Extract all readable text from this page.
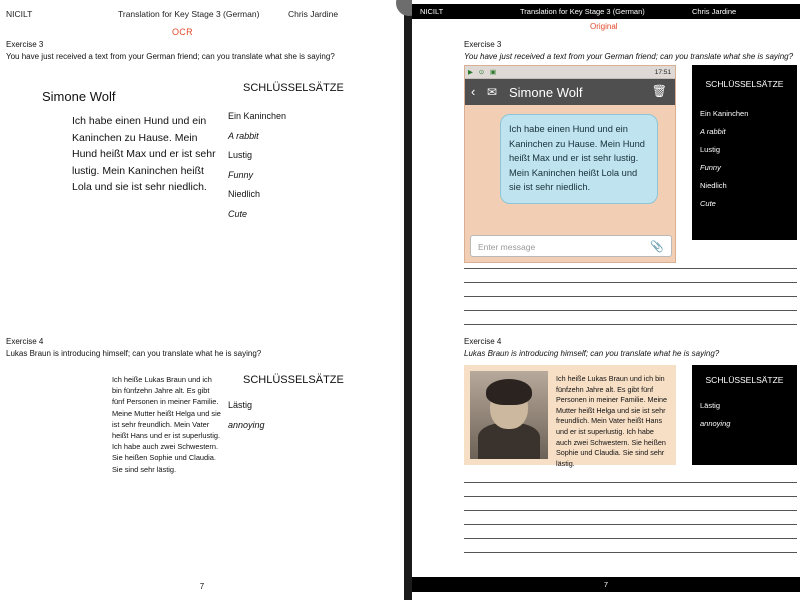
NICILT	Translation for Key Stage 3 (German)	Chris Jardine
OCR
Exercise 3
You have just received a text from your German friend; can you translate what she is saying?
Simone Wolf
Ich habe einen Hund und ein Kaninchen zu Hause. Mein Hund heißt Max und er ist sehr lustig. Mein Kaninchen heißt Lola und sie ist sehr niedlich.
SCHLÜSSELSÄTZE
Ein Kaninchen
A rabbit
Lustig
Funny
Niedlich
Cute
Exercise 4
Lukas Braun is introducing himself; can you translate what he is saying?
Ich heiße Lukas Braun und ich bin fünfzehn Jahre alt. Es gibt fünf Personen in meiner Familie. Meine Mutter heißt Helga und sie ist sehr freundlich. Mein Vater heißt Hans und er ist superlustig. Ich habe auch zwei Schwestern. Sie heißen Sophie und Claudia. Sie sind sehr lästig.
SCHLÜSSELSÄTZE
Lästig
annoying
7
NICILT	Translation for Key Stage 3 (German)	Chris Jardine
Original
Exercise 3
You have just received a text from your German friend; can you translate what she is saying?
▶ ⊙ ▣	17:51
‹ ✉ Simone Wolf	🗑
Ich habe einen Hund und ein Kaninchen zu Hause. Mein Hund heißt Max und er ist sehr lustig. Mein Kaninchen heißt Lola und sie ist sehr niedlich.
Enter message	📎
SCHLÜSSELSÄTZE
Ein Kaninchen
A rabbit
Lustig
Funny
Niedlich
Cute
Exercise 4
Lukas Braun is introducing himself; can you translate what he is saying?
Ich heiße Lukas Braun und ich bin fünfzehn Jahre alt. Es gibt fünf Personen in meiner Familie. Meine Mutter heißt Helga und sie ist sehr freundlich. Mein Vater heißt Hans und er ist superlustig. Ich habe auch zwei Schwestern. Sie heißen Sophie und Claudia. Sie sind sehr lästig.
SCHLÜSSELSÄTZE
Lästig
annoying
7
